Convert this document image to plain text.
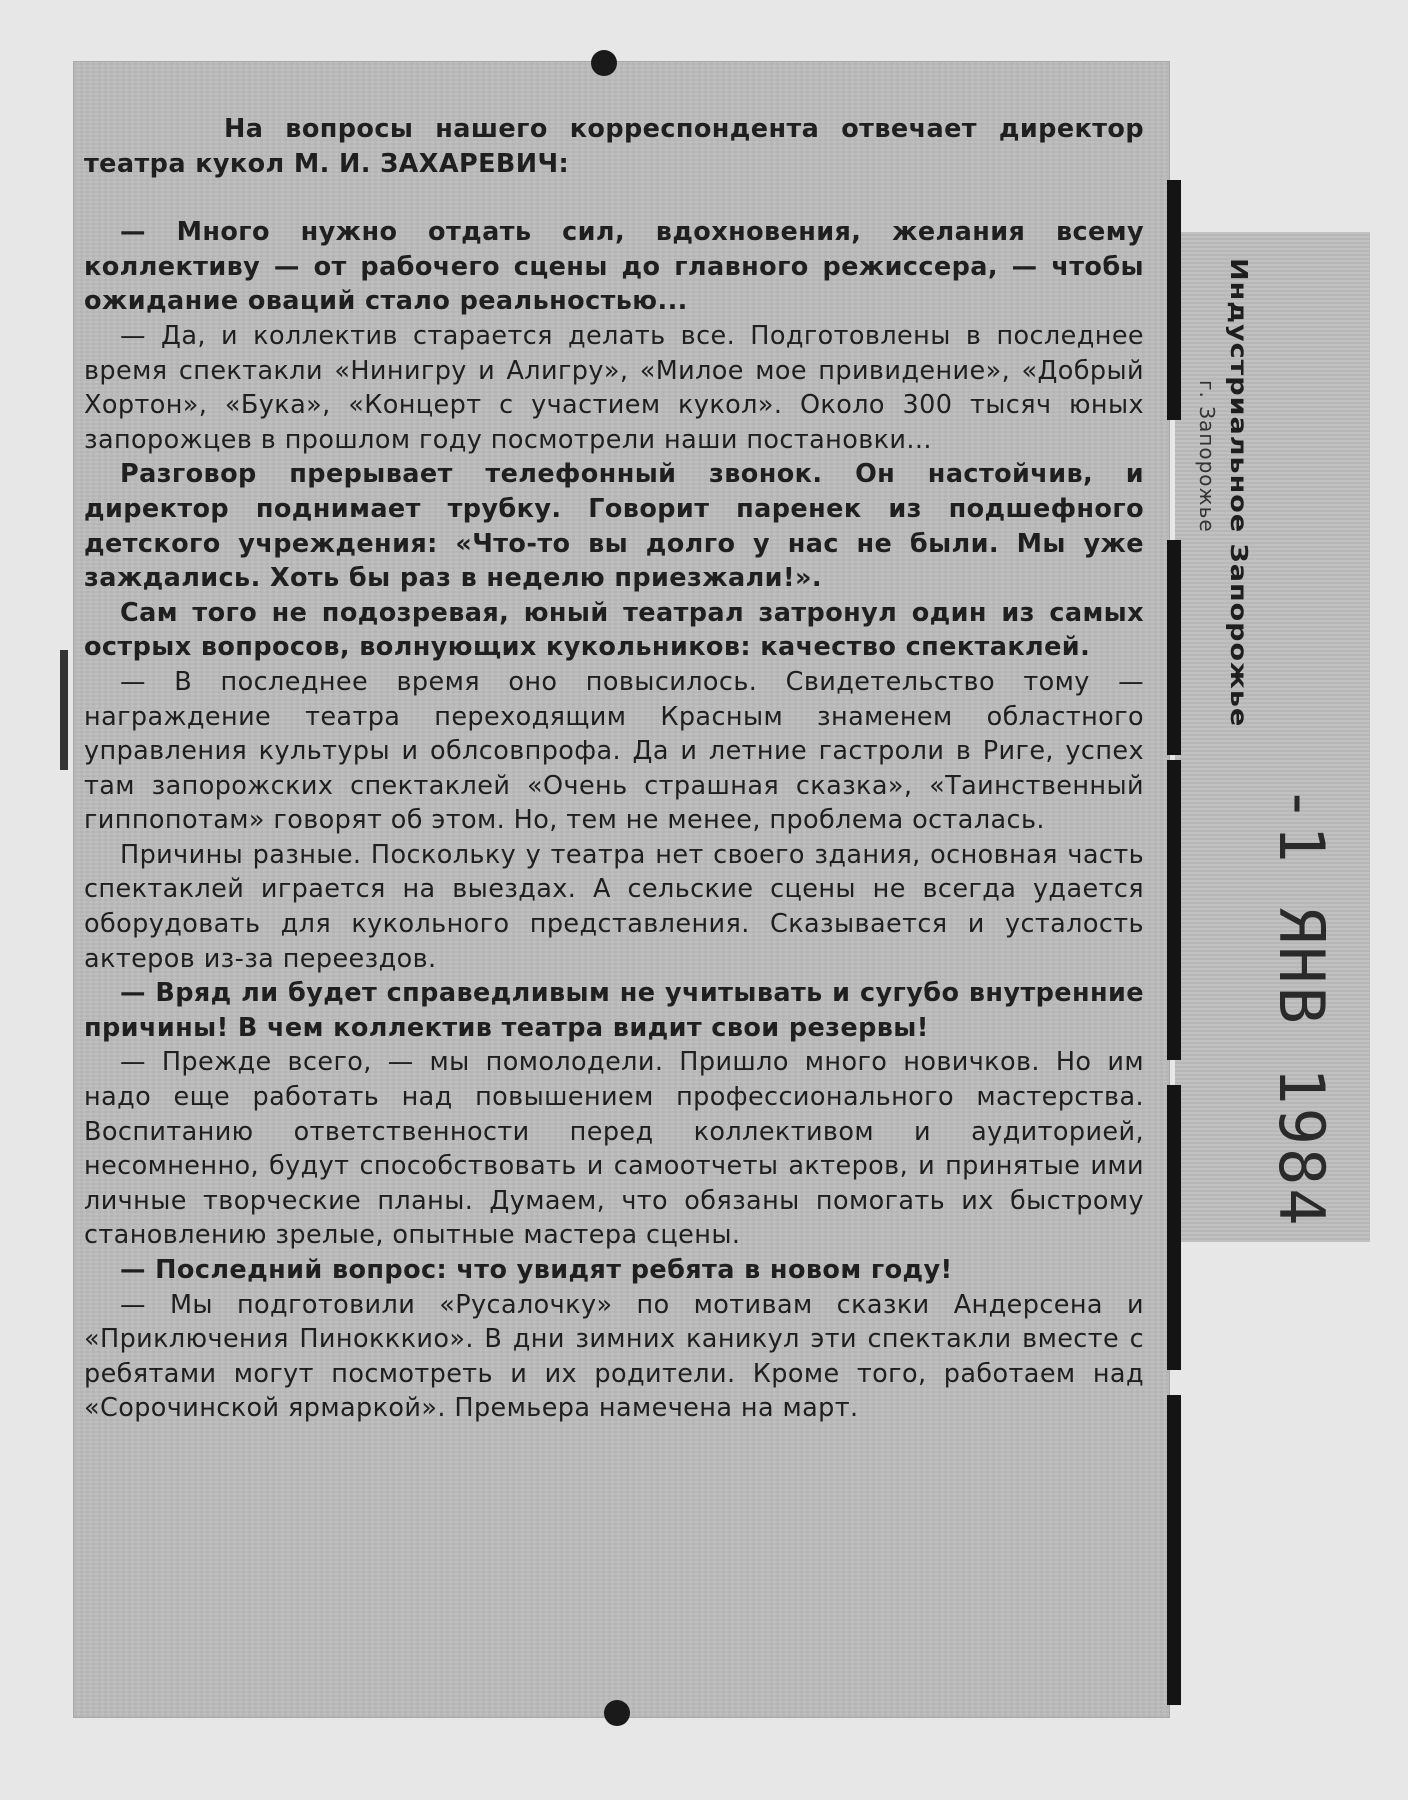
Индустриальное Запорожье
г. Запорожье
-1 ЯНВ 1984

На вопросы нашего корреспондента отвечает директор театра кукол М. И. ЗАХАРЕВИЧ:

— Много нужно отдать сил, вдохновения, желания всему коллективу — от рабочего сцены до главного режиссера, — чтобы ожидание оваций стало реальностью...

— Да, и коллектив старается делать все. Подготовлены в последнее время спектакли «Нинигру и Алигру», «Милое мое привидение», «Добрый Хортон», «Бука», «Концерт с участием кукол». Около 300 тысяч юных запорожцев в прошлом году посмотрели наши постановки...

Разговор прерывает телефонный звонок. Он настойчив, и директор поднимает трубку. Говорит паренек из подшефного детского учреждения: «Что-то вы долго у нас не были. Мы уже заждались. Хоть бы раз в неделю приезжали!».

Сам того не подозревая, юный театрал затронул один из самых острых вопросов, волнующих кукольников: качество спектаклей.

— В последнее время оно повысилось. Свидетельство тому — награждение театра переходящим Красным знаменем областного управления культуры и облсовпрофа. Да и летние гастроли в Риге, успех там запорожских спектаклей «Очень страшная сказка», «Таинственный гиппопотам» говорят об этом. Но, тем не менее, проблема осталась.

Причины разные. Поскольку у театра нет своего здания, основная часть спектаклей играется на выездах. А сельские сцены не всегда удается оборудовать для кукольного представления. Сказывается и усталость актеров из-за переездов.

— Вряд ли будет справедливым не учитывать и сугубо внутренние причины! В чем коллектив театра видит свои резервы!

— Прежде всего, — мы помолодели. Пришло много новичков. Но им надо еще работать над повышением профессионального мастерства. Воспитанию ответственности перед коллективом и аудиторией, несомненно, будут способствовать и самоотчеты актеров, и принятые ими личные творческие планы. Думаем, что обязаны помогать их быстрому становлению зрелые, опытные мастера сцены.

— Последний вопрос: что увидят ребята в новом году!

— Мы подготовили «Русалочку» по мотивам сказки Андерсена и «Приключения Пинокккио». В дни зимних каникул эти спектакли вместе с ребятами могут посмотреть и их родители. Кроме того, работаем над «Сорочинской ярмаркой». Премьера намечена на март.
